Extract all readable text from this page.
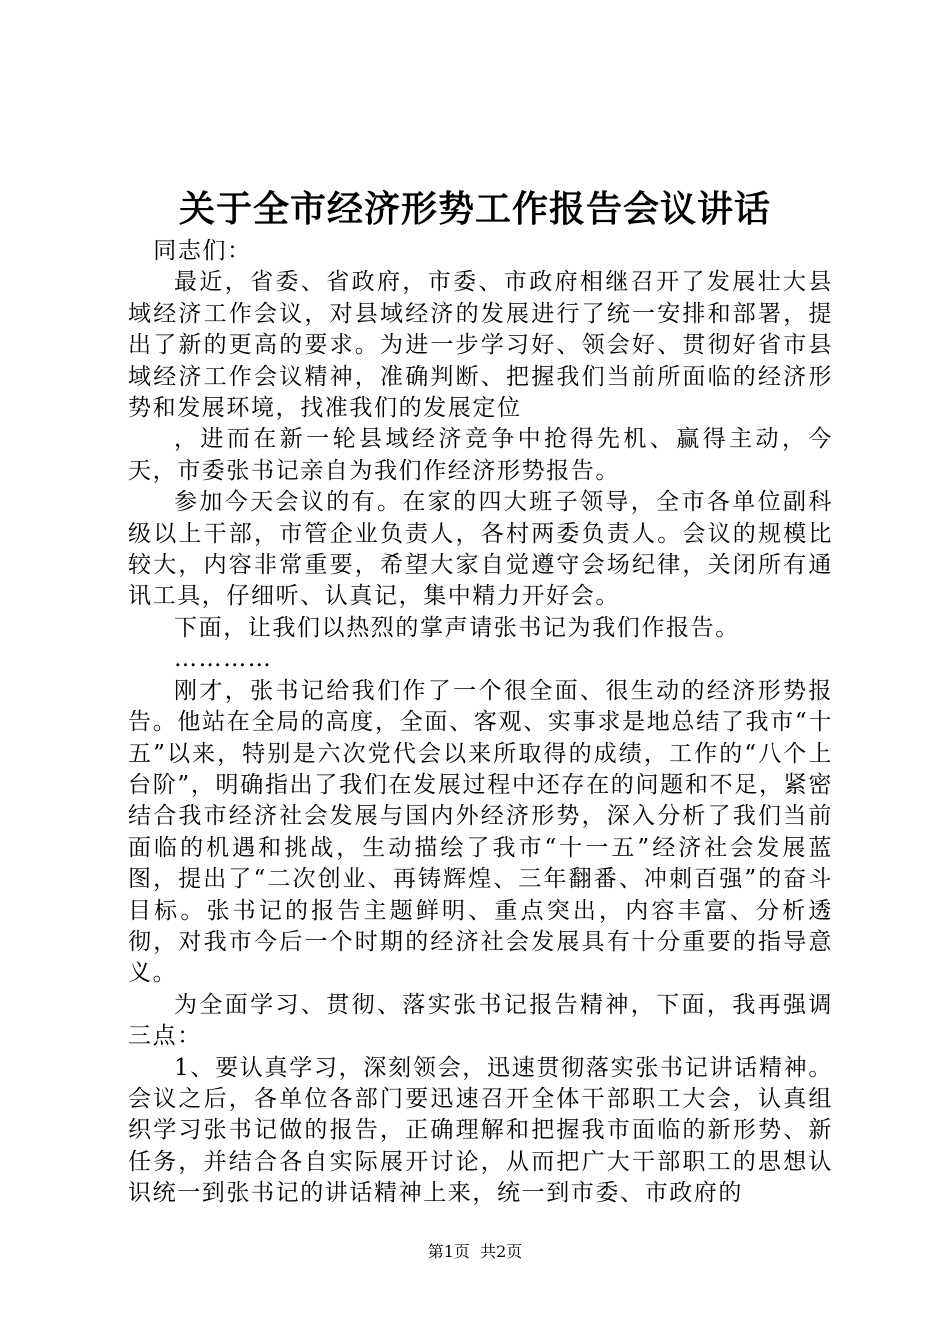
关于全市经济形势工作报告会议讲话

同志们：

最近，省委、省政府，市委、市政府相继召开了发展壮大县域经济工作会议，对县域经济的发展进行了统一安排和部署，提出了新的更高的要求。为进一步学习好、领会好、贯彻好省市县域经济工作会议精神，准确判断、把握我们当前所面临的经济形势和发展环境，找准我们的发展定位

，进而在新一轮县域经济竞争中抢得先机、赢得主动，今天，市委张书记亲自为我们作经济形势报告。

参加今天会议的有。在家的四大班子领导，全市各单位副科级以上干部，市管企业负责人，各村两委负责人。会议的规模比较大，内容非常重要，希望大家自觉遵守会场纪律，关闭所有通讯工具，仔细听、认真记，集中精力开好会。

下面，让我们以热烈的掌声请张书记为我们作报告。

…………

刚才，张书记给我们作了一个很全面、很生动的经济形势报告。他站在全局的高度，全面、客观、实事求是地总结了我市“十五”以来，特别是六次党代会以来所取得的成绩，工作的“八个上台阶”，明确指出了我们在发展过程中还存在的问题和不足，紧密结合我市经济社会发展与国内外经济形势，深入分析了我们当前面临的机遇和挑战，生动描绘了我市“十一五”经济社会发展蓝图，提出了“二次创业、再铸辉煌、三年翻番、冲刺百强”的奋斗目标。张书记的报告主题鲜明、重点突出，内容丰富、分析透彻，对我市今后一个时期的经济社会发展具有十分重要的指导意义。

为全面学习、贯彻、落实张书记报告精神，下面，我再强调三点：

1、要认真学习，深刻领会，迅速贯彻落实张书记讲话精神。会议之后，各单位各部门要迅速召开全体干部职工大会，认真组织学习张书记做的报告，正确理解和把握我市面临的新形势、新任务，并结合各自实际展开讨论，从而把广大干部职工的思想认识统一到张书记的讲话精神上来，统一到市委、市政府的

第1页 共2页
